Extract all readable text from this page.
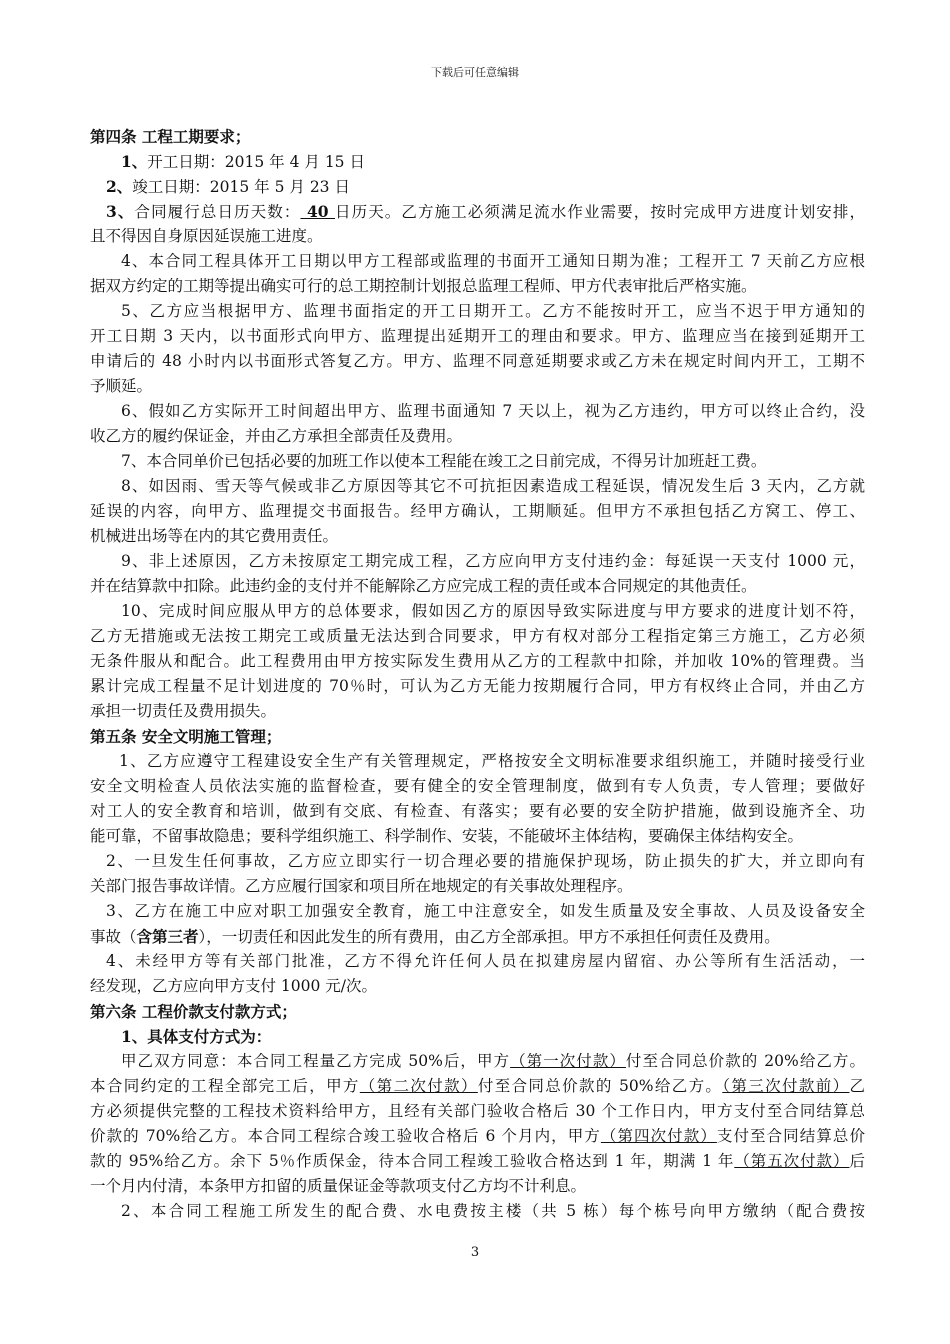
下载后可任意编辑
第四条 工程工期要求；
1、开工日期：2015 年 4 月 15 日
2、竣工日期：2015 年 5 月 23 日
3、合同履行总日历天数： 40 日历天。乙方施工必须满足流水作业需要，按时完成甲方进度计划安排，
且不得因自身原因延误施工进度。
4、本合同工程具体开工日期以甲方工程部或监理的书面开工通知日期为准；工程开工 7 天前乙方应根
据双方约定的工期等提出确实可行的总工期控制计划报总监理工程师、甲方代表审批后严格实施。
5、乙方应当根据甲方、监理书面指定的开工日期开工。乙方不能按时开工，应当不迟于甲方通知的
开工日期 3 天内，以书面形式向甲方、监理提出延期开工的理由和要求。甲方、监理应当在接到延期开工
申请后的 48 小时内以书面形式答复乙方。甲方、监理不同意延期要求或乙方未在规定时间内开工，工期不
予顺延。
6、假如乙方实际开工时间超出甲方、监理书面通知 7 天以上，视为乙方违约，甲方可以终止合约，没
收乙方的履约保证金，并由乙方承担全部责任及费用。
7、本合同单价已包括必要的加班工作以使本工程能在竣工之日前完成，不得另计加班赶工费。
8、如因雨、雪天等气候或非乙方原因等其它不可抗拒因素造成工程延误，情况发生后 3 天内，乙方就
延误的内容，向甲方、监理提交书面报告。经甲方确认，工期顺延。但甲方不承担包括乙方窝工、停工、
机械进出场等在内的其它费用责任。
9、非上述原因，乙方未按原定工期完成工程，乙方应向甲方支付违约金：每延误一天支付 1000 元，
并在结算款中扣除。此违约金的支付并不能解除乙方应完成工程的责任或本合同规定的其他责任。
10、完成时间应服从甲方的总体要求，假如因乙方的原因导致实际进度与甲方要求的进度计划不符，
乙方无措施或无法按工期完工或质量无法达到合同要求，甲方有权对部分工程指定第三方施工，乙方必须
无条件服从和配合。此工程费用由甲方按实际发生费用从乙方的工程款中扣除，并加收 10%的管理费。当
累计完成工程量不足计划进度的 70％时，可认为乙方无能力按期履行合同，甲方有权终止合同，并由乙方
承担一切责任及费用损失。
第五条 安全文明施工管理；
1、乙方应遵守工程建设安全生产有关管理规定，严格按安全文明标准要求组织施工，并随时接受行业
安全文明检查人员依法实施的监督检查，要有健全的安全管理制度，做到有专人负责，专人管理；要做好
对工人的安全教育和培训，做到有交底、有检查、有落实；要有必要的安全防护措施，做到设施齐全、功
能可靠，不留事故隐患；要科学组织施工、科学制作、安装，不能破坏主体结构，要确保主体结构安全。
2、一旦发生任何事故，乙方应立即实行一切合理必要的措施保护现场，防止损失的扩大，并立即向有
关部门报告事故详情。乙方应履行国家和项目所在地规定的有关事故处理程序。
3、乙方在施工中应对职工加强安全教育，施工中注意安全，如发生质量及安全事故、人员及设备安全
事故（含第三者），一切责任和因此发生的所有费用，由乙方全部承担。甲方不承担任何责任及费用。
4、未经甲方等有关部门批准，乙方不得允许任何人员在拟建房屋内留宿、办公等所有生活活动，一
经发现，乙方应向甲方支付 1000 元/次。
第六条 工程价款支付款方式；
1、具体支付方式为：
甲乙双方同意：本合同工程量乙方完成 50%后，甲方（第一次付款）付至合同总价款的 20%给乙方。
本合同约定的工程全部完工后，甲方（第二次付款）付至合同总价款的 50%给乙方。（第三次付款前）乙
方必须提供完整的工程技术资料给甲方，且经有关部门验收合格后 30 个工作日内，甲方支付至合同结算总
价款的 70%给乙方。本合同工程综合竣工验收合格后 6 个月内，甲方（第四次付款）支付至合同结算总价
款的 95%给乙方。余下 5％作质保金，待本合同工程竣工验收合格达到 1 年，期满 1 年（第五次付款）后
一个月内付清，本条甲方扣留的质量保证金等款项支付乙方均不计利息。
2、本合同工程施工所发生的配合费、水电费按主楼（共 5 栋）每个栋号向甲方缴纳（配合费按
3
